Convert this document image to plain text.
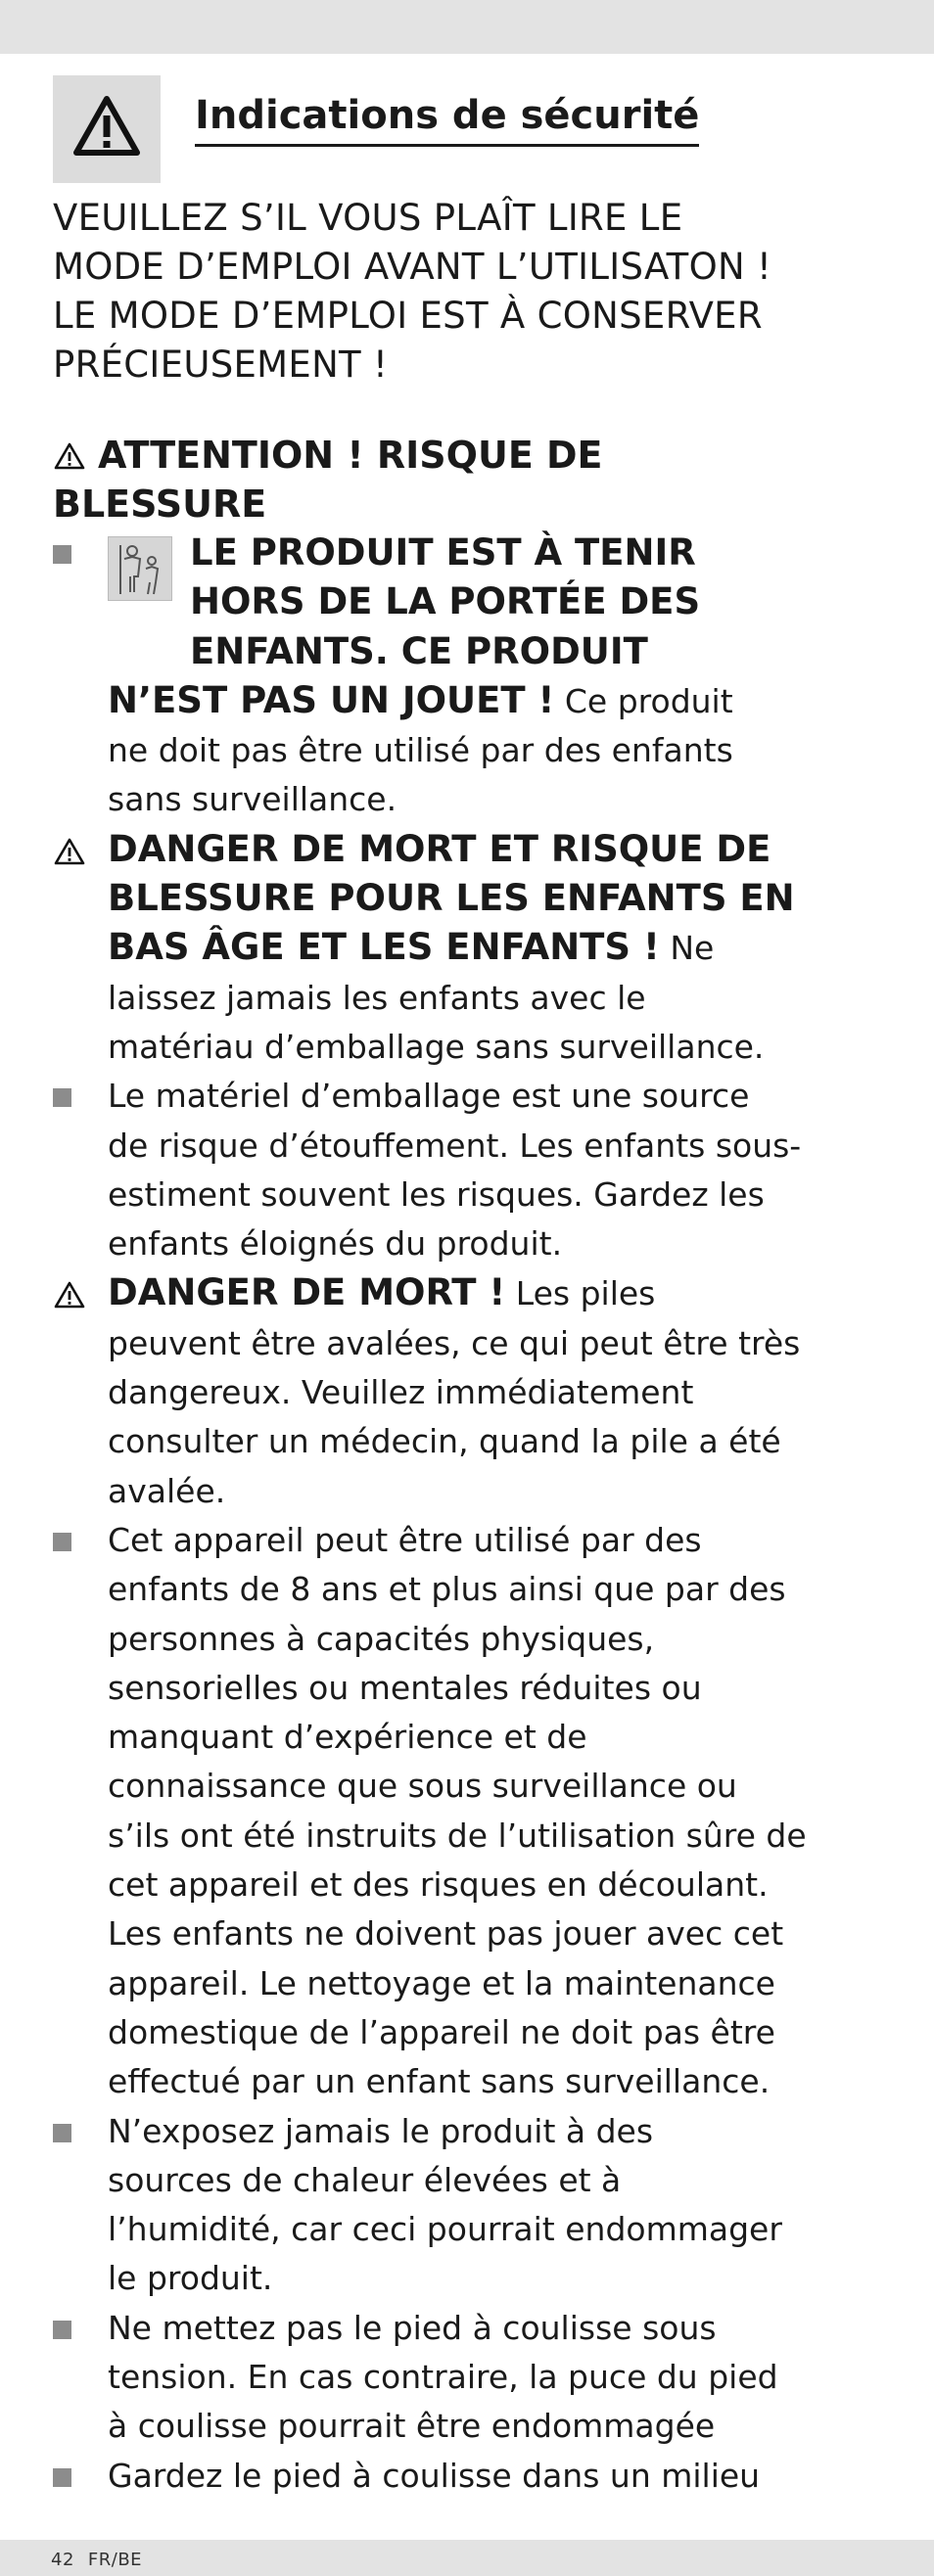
Indications de sécurité
VEUILLEZ S’IL VOUS PLAÎT LIRE LE
MODE D’EMPLOI AVANT L’UTILISATON !
LE MODE D’EMPLOI EST À CONSERVER
PRÉCIEUSEMENT !
ATTENTION ! RISQUE DE
BLESSURE
LE PRODUIT EST À TENIR
HORS DE LA PORTÉE DES
ENFANTS. CE PRODUIT
N’EST PAS UN JOUET ! Ce produit
ne doit pas être utilisé par des enfants
sans surveillance.
DANGER DE MORT ET RISQUE DE
BLESSURE POUR LES ENFANTS EN
BAS ÂGE ET LES ENFANTS ! Ne
laissez jamais les enfants avec le
matériau d’emballage sans surveillance.
Le matériel d’emballage est une source
de risque d’étouffement. Les enfants sous-
estiment souvent les risques. Gardez les
enfants éloignés du produit.
DANGER DE MORT ! Les piles
peuvent être avalées, ce qui peut être très
dangereux. Veuillez immédiatement
consulter un médecin, quand la pile a été
avalée.
Cet appareil peut être utilisé par des
enfants de 8 ans et plus ainsi que par des
personnes à capacités physiques,
sensorielles ou mentales réduites ou
manquant d’expérience et de
connaissance que sous surveillance ou
s’ils ont été instruits de l’utilisation sûre de
cet appareil et des risques en découlant.
Les enfants ne doivent pas jouer avec cet
appareil. Le nettoyage et la maintenance
domestique de l’appareil ne doit pas être
effectué par un enfant sans surveillance.
N’exposez jamais le produit à des
sources de chaleur élevées et à
l’humidité, car ceci pourrait endommager
le produit.
Ne mettez pas le pied à coulisse sous
tension. En cas contraire, la puce du pied
à coulisse pourrait être endommagée
Gardez le pied à coulisse dans un milieu
42 FR/BE
